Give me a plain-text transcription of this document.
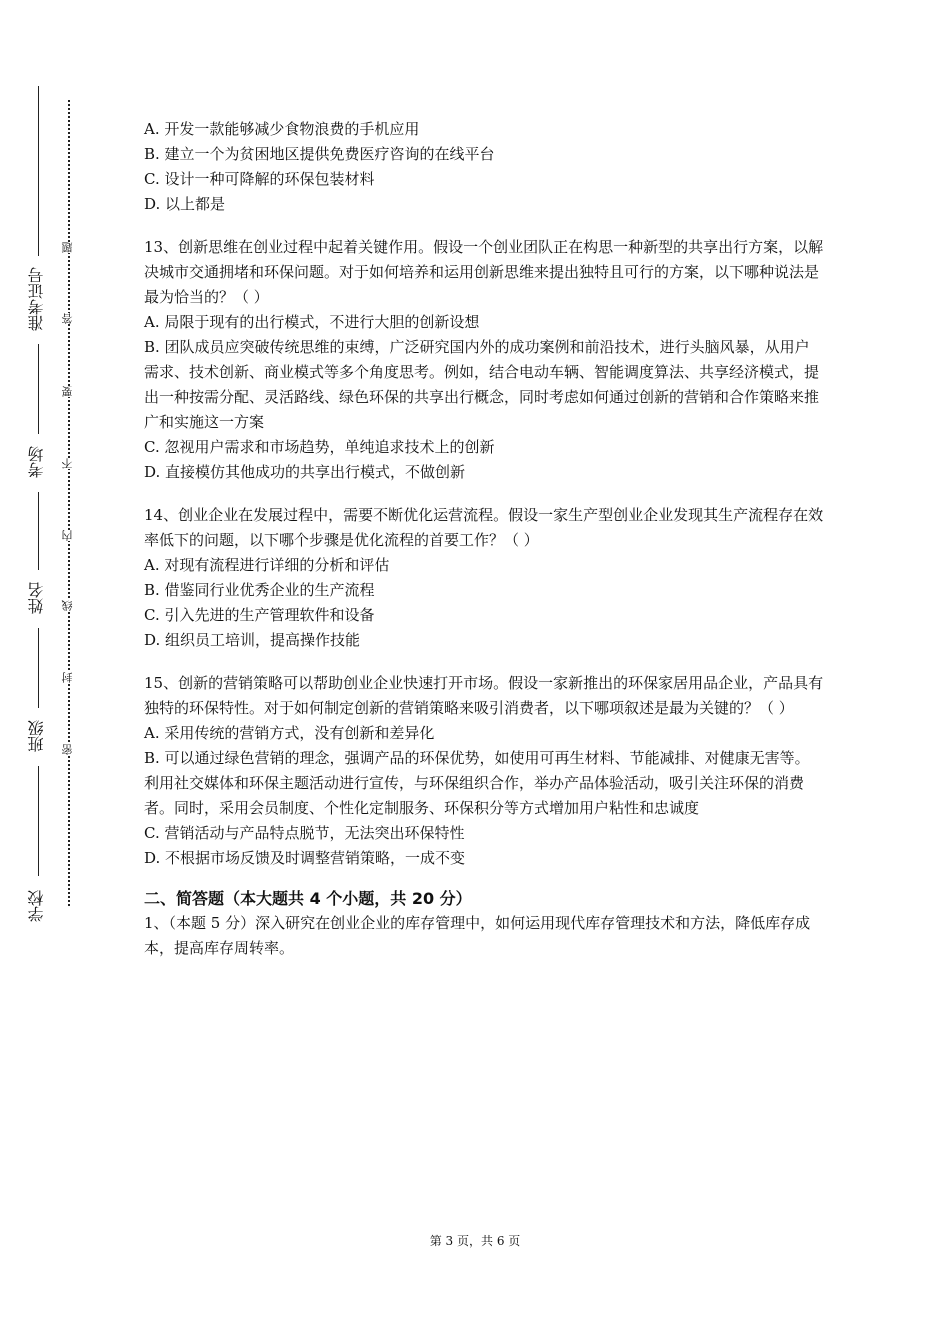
准考证号
考场
姓名
班级
学校
题
答
要
不
内
线
封
密
A. 开发一款能够减少食物浪费的手机应用
B. 建立一个为贫困地区提供免费医疗咨询的在线平台
C. 设计一种可降解的环保包装材料
D. 以上都是

13、创新思维在创业过程中起着关键作用。假设一个创业团队正在构思一种新型的共享出行方案，以解决城市交通拥堵和环保问题。对于如何培养和运用创新思维来提出独特且可行的方案，以下哪种说法是最为恰当的？（ ）

A. 局限于现有的出行模式，不进行大胆的创新设想
B. 团队成员应突破传统思维的束缚，广泛研究国内外的成功案例和前沿技术，进行头脑风暴，从用户需求、技术创新、商业模式等多个角度思考。例如，结合电动车辆、智能调度算法、共享经济模式，提出一种按需分配、灵活路线、绿色环保的共享出行概念，同时考虑如何通过创新的营销和合作策略来推广和实施这一方案
C. 忽视用户需求和市场趋势，单纯追求技术上的创新
D. 直接模仿其他成功的共享出行模式，不做创新

14、创业企业在发展过程中，需要不断优化运营流程。假设一家生产型创业企业发现其生产流程存在效率低下的问题，以下哪个步骤是优化流程的首要工作？（ ）

A. 对现有流程进行详细的分析和评估
B. 借鉴同行业优秀企业的生产流程
C. 引入先进的生产管理软件和设备
D. 组织员工培训，提高操作技能

15、创新的营销策略可以帮助创业企业快速打开市场。假设一家新推出的环保家居用品企业，产品具有独特的环保特性。对于如何制定创新的营销策略来吸引消费者，以下哪项叙述是最为关键的？（ ）

A. 采用传统的营销方式，没有创新和差异化
B. 可以通过绿色营销的理念，强调产品的环保优势，如使用可再生材料、节能减排、对健康无害等。利用社交媒体和环保主题活动进行宣传，与环保组织合作，举办产品体验活动，吸引关注环保的消费者。同时，采用会员制度、个性化定制服务、环保积分等方式增加用户粘性和忠诚度
C. 营销活动与产品特点脱节，无法突出环保特性
D. 不根据市场反馈及时调整营销策略，一成不变
二、简答题（本大题共 4 个小题，共 20 分）

1、（本题 5 分）深入研究在创业企业的库存管理中，如何运用现代库存管理技术和方法，降低库存成本，提高库存周转率。

第 3 页，共 6 页
